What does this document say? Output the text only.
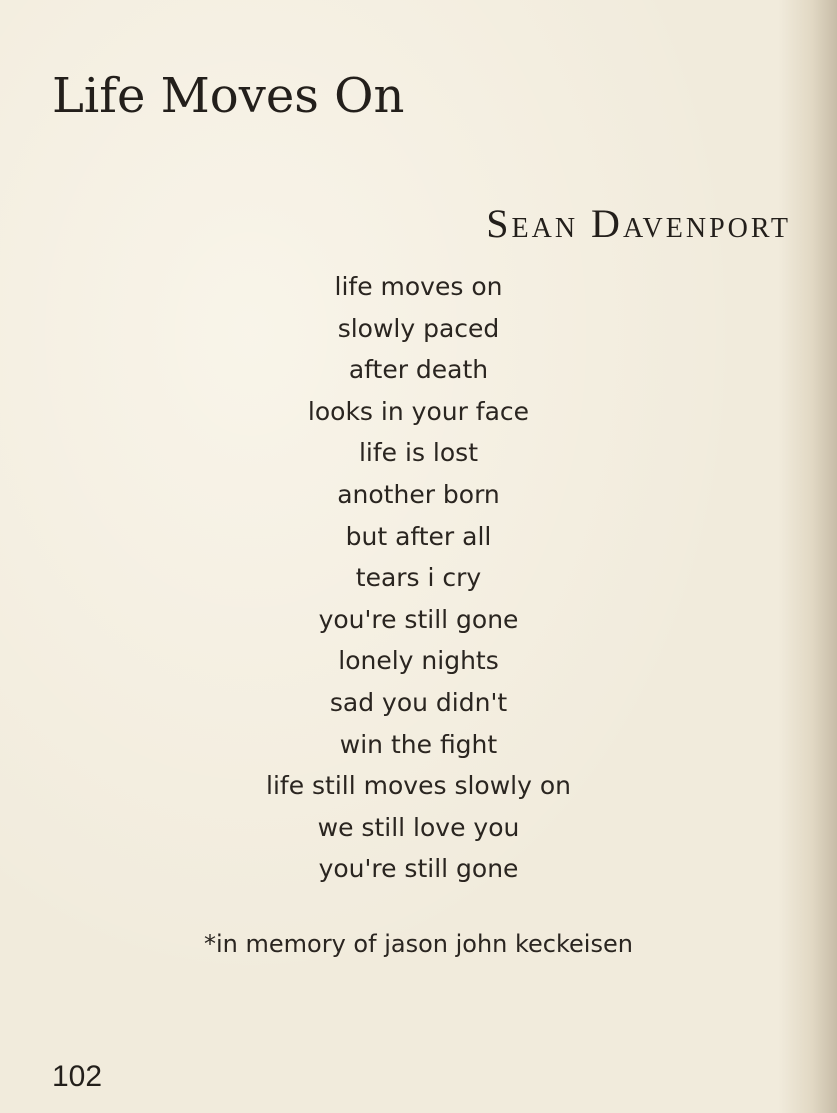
Life Moves On
Sean Davenport
life moves on
slowly paced
after death
looks in your face
life is lost
another born
but after all
tears i cry
you're still gone
lonely nights
sad you didn't
win the fight
life still moves slowly on
we still love you
you're still gone
*in memory of jason john keckeisen
102
